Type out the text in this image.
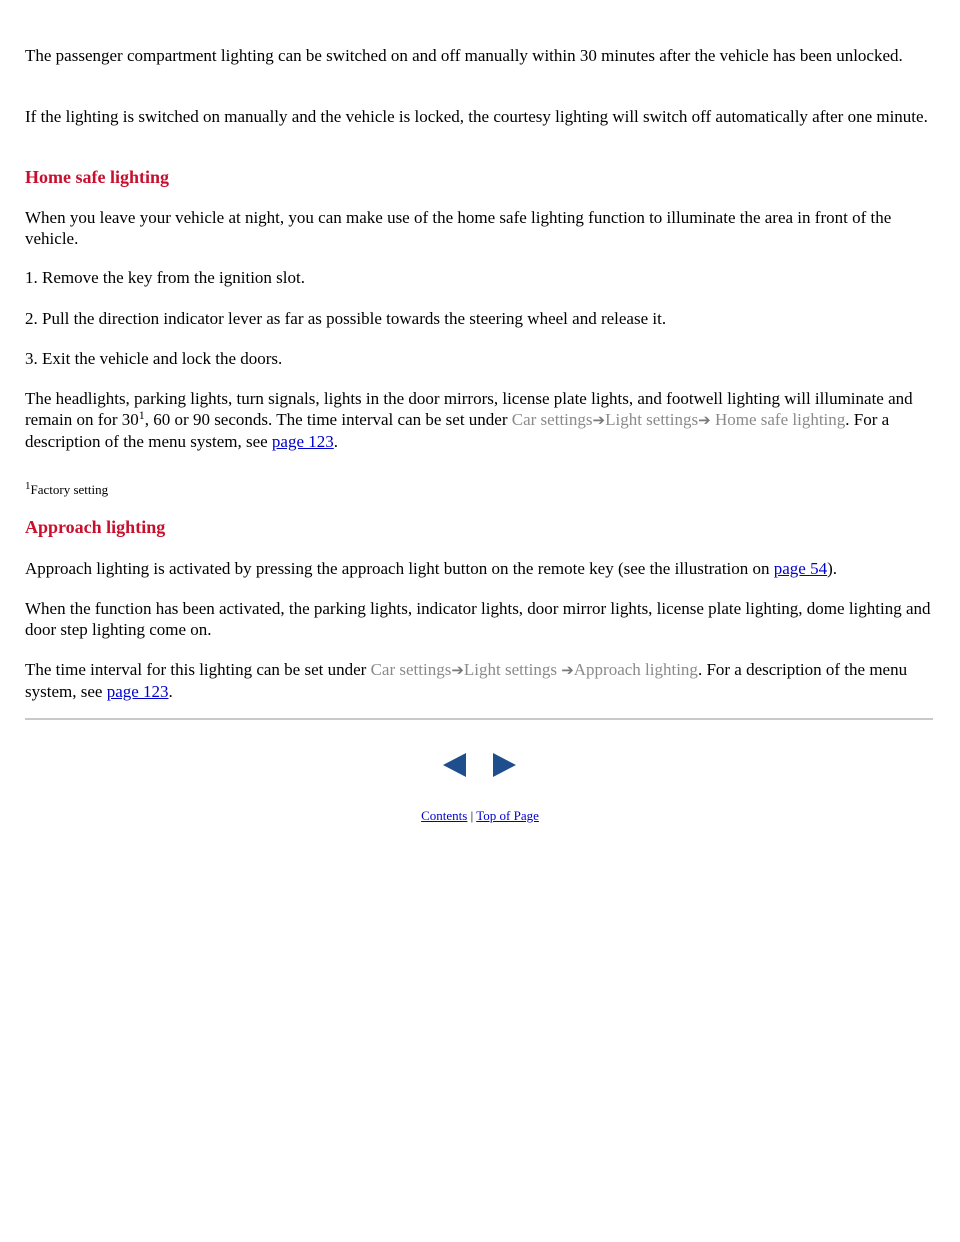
The passenger compartment lighting can be switched on and off manually within 30 minutes after the vehicle has been unlocked.

If the lighting is switched on manually and the vehicle is locked, the courtesy lighting will switch off automatically after one minute.

Home safe lighting

When you leave your vehicle at night, you can make use of the home safe lighting function to illuminate the area in front of the vehicle.

1. Remove the key from the ignition slot.

2. Pull the direction indicator lever as far as possible towards the steering wheel and release it.

3. Exit the vehicle and lock the doors.

The headlights, parking lights, turn signals, lights in the door mirrors, license plate lights, and footwell lighting will illuminate and remain on for $30^1$, 60 or 90 seconds. The time interval can be set under Car settings➔Light settings➔ Home safe lighting. For a description of the menu system, see page 123.

$^1$Factory setting

Approach lighting

Approach lighting is activated by pressing the approach light button on the remote key (see the illustration on page 54).

When the function has been activated, the parking lights, indicator lights, door mirror lights, license plate lighting, dome lighting and door step lighting come on.

The time interval for this lighting can be set under Car settings➔Light settings ➔Approach lighting. For a description of the menu system, see page 123.

Contents | Top of Page
